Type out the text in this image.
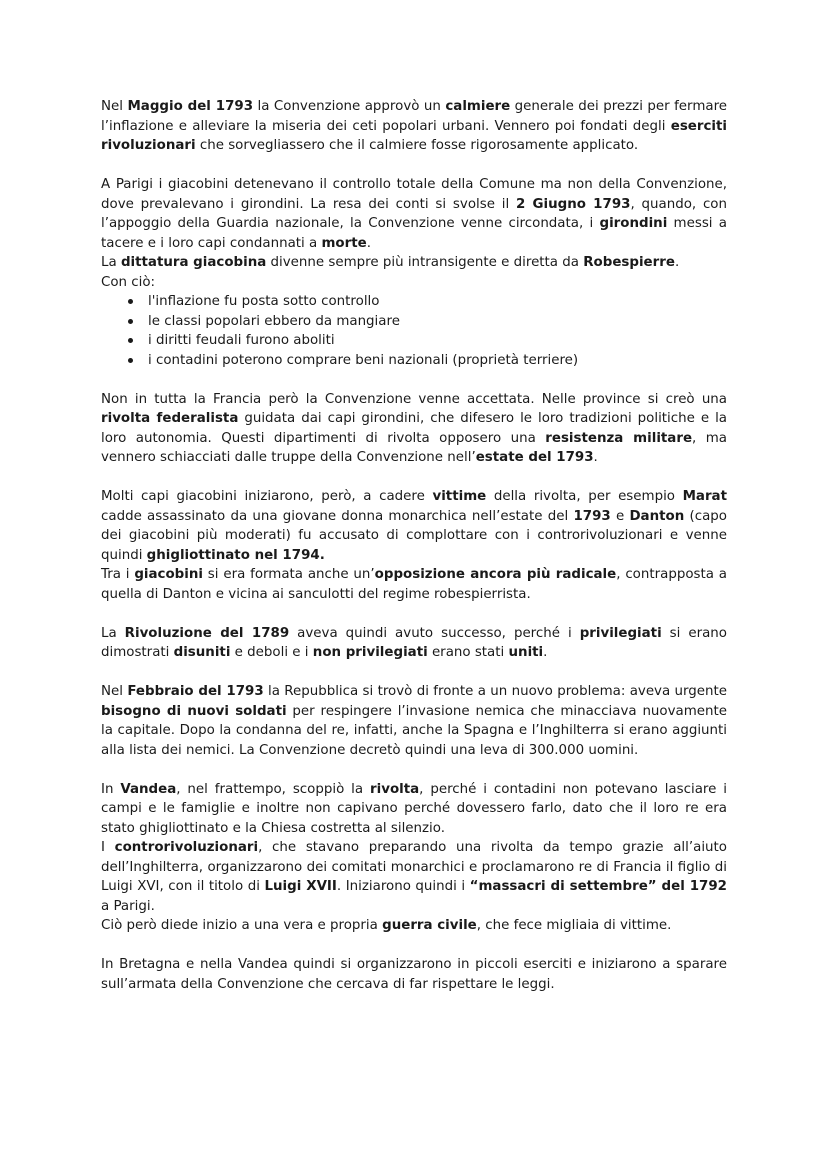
Nel Maggio del 1793 la Convenzione approvò un calmiere generale dei prezzi per fermare l’inflazione e alleviare la miseria dei ceti popolari urbani. Vennero poi fondati degli eserciti rivoluzionari che sorvegliassero che il calmiere fosse rigorosamente applicato.

A Parigi i giacobini detenevano il controllo totale della Comune ma non della Convenzione, dove prevalevano i girondini. La resa dei conti si svolse il 2 Giugno 1793, quando, con l’appoggio della Guardia nazionale, la Convenzione venne circondata, i girondini messi a tacere e i loro capi condannati a morte.

La dittatura giacobina divenne sempre più intransigente e diretta da Robespierre.

Con ciò:

l'inflazione fu posta sotto controllo
le classi popolari ebbero da mangiare
i diritti feudali furono aboliti
i contadini poterono comprare beni nazionali (proprietà terriere)

Non in tutta la Francia però la Convenzione venne accettata. Nelle province si creò una rivolta federalista guidata dai capi girondini, che difesero le loro tradizioni politiche e la loro autonomia. Questi dipartimenti di rivolta opposero una resistenza militare, ma vennero schiacciati dalle truppe della Convenzione nell’estate del 1793.

Molti capi giacobini iniziarono, però, a cadere vittime della rivolta, per esempio Marat cadde assassinato da una giovane donna monarchica nell’estate del 1793 e Danton (capo dei giacobini più moderati) fu accusato di complottare con i controrivoluzionari e venne quindi ghigliottinato nel 1794.

Tra i giacobini si era formata anche un’opposizione ancora più radicale, contrapposta a quella di Danton e vicina ai sanculotti del regime robespierrista.

La Rivoluzione del 1789 aveva quindi avuto successo, perché i privilegiati si erano dimostrati disuniti e deboli e i non privilegiati erano stati uniti.

Nel Febbraio del 1793 la Repubblica si trovò di fronte a un nuovo problema: aveva urgente bisogno di nuovi soldati per respingere l’invasione nemica che minacciava nuovamente la capitale. Dopo la condanna del re, infatti, anche la Spagna e l’Inghilterra si erano aggiunti alla lista dei nemici. La Convenzione decretò quindi una leva di 300.000 uomini.

In Vandea, nel frattempo, scoppiò la rivolta, perché i contadini non potevano lasciare i campi e le famiglie e inoltre non capivano perché dovessero farlo, dato che il loro re era stato ghigliottinato e la Chiesa costretta al silenzio.

I controrivoluzionari, che stavano preparando una rivolta da tempo grazie all’aiuto dell’Inghilterra, organizzarono dei comitati monarchici e proclamarono re di Francia il figlio di Luigi XVI, con il titolo di Luigi XVII. Iniziarono quindi i “massacri di settembre” del 1792 a Parigi.

Ciò però diede inizio a una vera e propria guerra civile, che fece migliaia di vittime.

In Bretagna e nella Vandea quindi si organizzarono in piccoli eserciti e iniziarono a sparare sull’armata della Convenzione che cercava di far rispettare le leggi.
